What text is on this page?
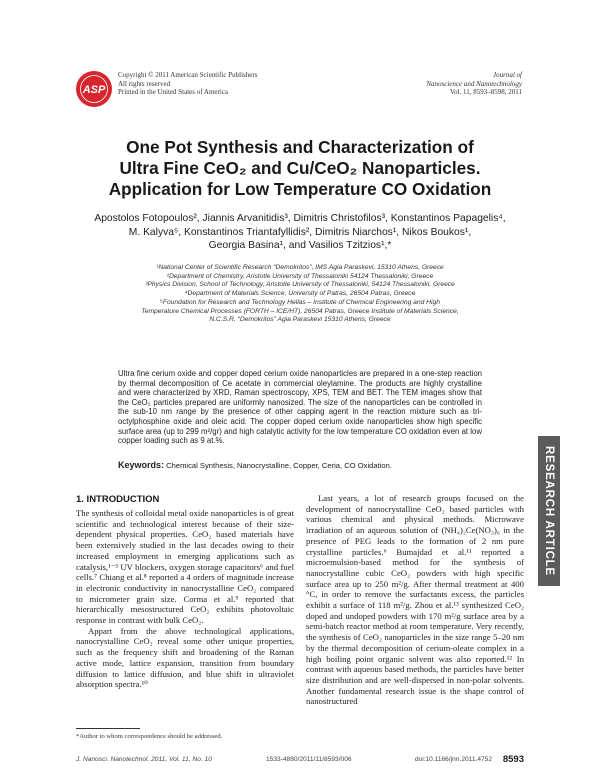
ASP
Copyright © 2011 American Scientific Publishers
All rights reserved
Printed in the United States of America
Journal of
Nanoscience and Nanotechnology
Vol. 11, 8593–8598, 2011
One Pot Synthesis and Characterization of
Ultra Fine CeO₂ and Cu/CeO₂ Nanoparticles.
Application for Low Temperature CO Oxidation
Apostolos Fotopoulos², Jiannis Arvanitidis³, Dimitris Christofilos³, Konstantinos Papagelis⁴,
M. Kalyva⁵, Konstantinos Triantafyllidis², Dimitris Niarchos¹, Nikos Boukos¹,
Georgia Basina¹, and Vasilios Tzitzios¹,*
¹National Center of Scientific Research “Demokritos”, IMS Agia Paraskevi, 15310 Athens, Greece
²Department of Chemistry, Aristotle University of Thessaloniki 54124 Thessaloniki, Greece
³Physics Division, School of Technology, Aristotle University of Thessaloniki, 54124 Thessaloniki, Greece
⁴Department of Materials Science, University of Patras, 26504 Patras, Greece
⁵Foundation for Research and Technology Hellas – Institute of Chemical Engineering and High
Temperature Chemical Processes (FORTH – ICE/HT), 26504 Patras, Greece Institute of Materials Science,
N.C.S.R. “Demokritos” Agia Paraskevi 15310 Athens, Greece
Ultra fine cerium oxide and copper doped cerium oxide nanoparticles are prepared in a one-step reaction by thermal decomposition of Ce acetate in commercial oleylamine. The products are highly crystalline and were characterized by XRD, Raman spectroscopy, XPS, TEM and BET. The TEM images show that the CeO₂ particles prepared are uniformly nanosized. The size of the nanoparticles can be controlled in the sub-10 nm range by the presence of other capping agent in the reaction mixture such as tri-octylphosphine oxide and oleic acid. The copper doped cerium oxide nanoparticles show high specific surface area (up to 299 m²/gr) and high catalytic activity for the low temperature CO oxidation even at low copper loading such as 9 at.%.
Keywords: Chemical Synthesis, Nanocrystalline, Copper, Ceria, CO Oxidation.	RESEARCH ARTICLE
1. INTRODUCTION

The synthesis of colloidal metal oxide nanoparticles is of great scientific and technological interest because of their size-dependent physical properties. CeO₂ based materials have been extensively studied in the last decades owing to their increased employment in emerging applications such as catalysis,¹⁻³ UV blockers, oxygen storage capacitors⁶ and fuel cells.⁷ Chiang et al.⁸ reported a 4 orders of magnitude increase in electronic conductivity in nanocrystalline CeO₂ compared to micrometer grain size. Corma et al.⁹ reported that hierarchically mesostructured CeO₂ exhibits photovoltaic response in contrast with bulk CeO₂.

Appart from the above technological applications, nanocrystalline CeO₂ reveal some other unique properties, such as the frequency shift and broadening of the Raman active mode, lattice expansion, transition from boundary diffusion to lattice diffusion, and blue shift in ultraviolet absorption spectra.¹⁰

Last years, a lot of research groups focused on the development of nanocrystalline CeO₂ based particles with various chemical and physical methods. Microwave irradiation of an aqueous solution of (NH₄)₂Ce(NO₃)₆ in the presence of PEG leads to the formation of 2 nm pure crystalline particles.⁶ Bumajdad et al.¹¹ reported a microemulsion-based method for the synthesis of nanocrystalline cubic CeO₂ powders with high specific surface area up to 250 m²/g. After thermal treatment at 400 °C, in order to remove the surfactants excess, the particles exhibit a surface of 118 m²/g. Zhou et al.¹³ synthesized CeO₂ doped and undoped powders with 170 m²/g surface area by a semi-batch reactor method at room temperature. Very recently, the synthesis of CeO₂ nanoparticles in the size range 5–20 nm by the thermal decomposition of cerium-oleate complex in a high boiling point organic solvent was also reported.¹² In contrast with aqueous based methods, the particles have better size distribution and are well-dispersed in non-polar solvents. Another fundamental research issue is the shape control of nanostructured

*Author to whom correspondence should be addressed.
J. Nanosci. Nanotechnol. 2011, Vol. 11, No. 10	1533-4880/2011/11/8593/006	doi:10.1166/jnn.2011.4752 8593
